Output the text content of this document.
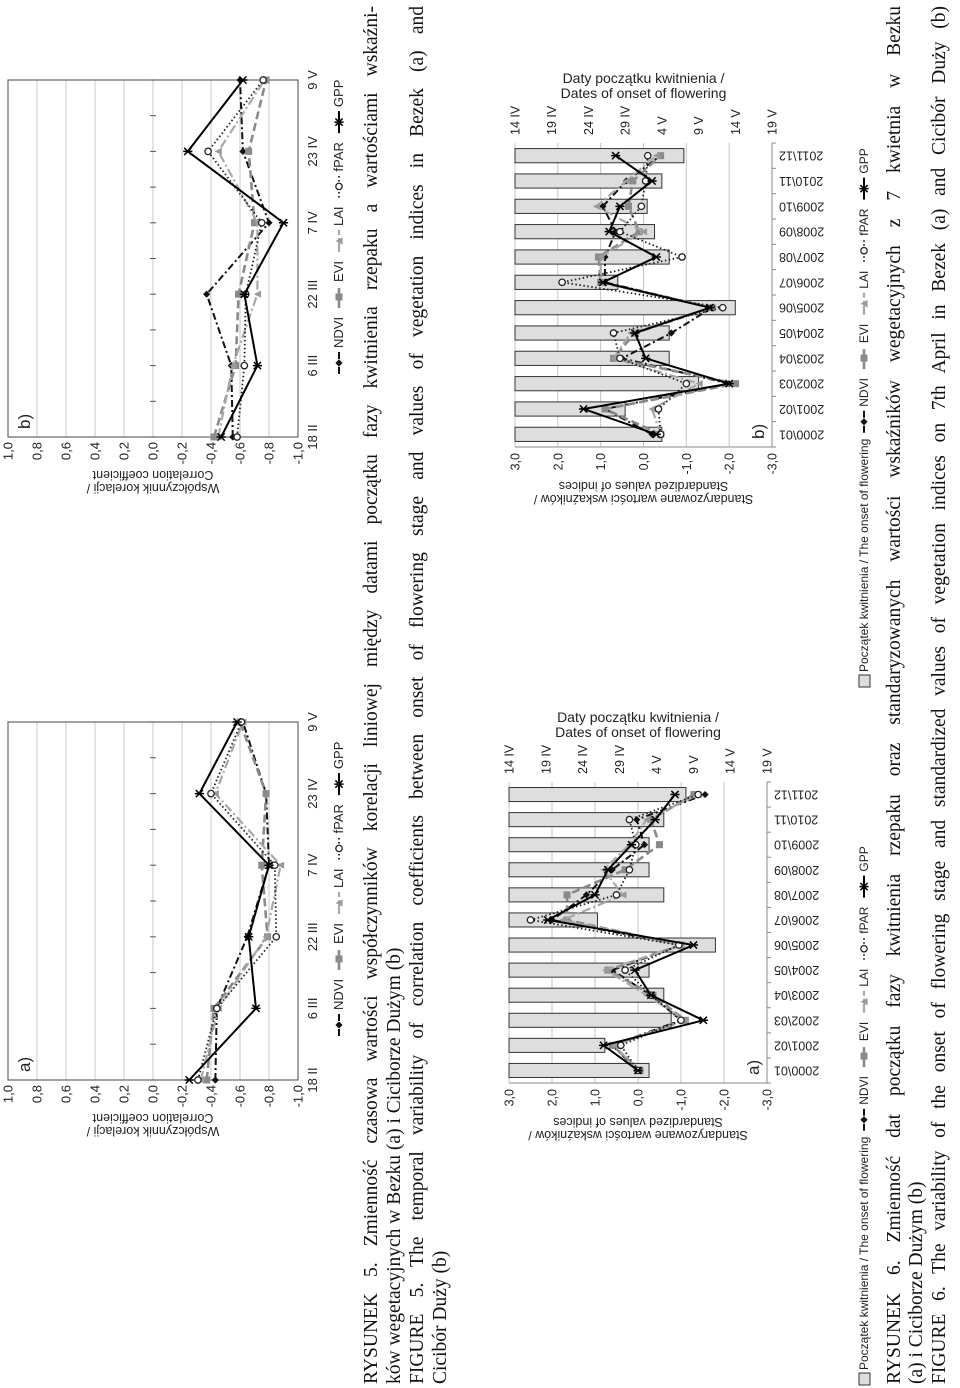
1,0 0,8 0,6 0,4 0,2 0,0 -0,2 -0,4 -0,6 -0,8 -1,0
18 II
6 III
22 III
7 IV
23 IV
9 V
Współczynnik korelacji /
Correlation coefficient
a)
NDVI
EVI
LAI
fPAR
GPP
1,0 0,8 0,6 0,4 0,2 0,0 -0,2 -0,4 -0,6 -0,8 -1,0
18 II
6 III
22 III
7 IV
23 IV
9 V
Współczynnik korelacji /
Correlation coefficient
b)
NDVI
EVI
LAI
fPAR
GPP RYSUNEK 5. Zmienność czasowa wartości współczynników korelacji liniowej między datami początku fazy kwitnienia rzepaku a wartościami wskaźni- ków wegetacyjnych w Bezku (a) i Ciciborze Dużym (b) FIGURE 5. The temporal variability of correlation coefficients between onset of flowering stage and values of vegetation indices in Bezek (a) and Cicibór Duży (b)
3,0 2,0 1,0 0,0 -1,0 -2,0 -3,0
14 IV 19 IV 24 IV 29 IV 4 V 9 V 14 V 19 V
2000\01
2001\02
2002\03
2003\04
2004\05
2005\06
2006\07
2007\08
2008\09
2009\10
2010\11
2011\12
Standaryzowane wartości wskaźników /
Standardized values of indices
Daty początku kwitnienia /
Dates of onset of flowering
a)
Początek kwitnienia / The onset of flowering
NDVI
EVI
LAI
fPAR
GPP
3,0 2,0 1,0 0,0 -1,0 -2,0 -3,0
14 IV 19 IV 24 IV 29 IV 4 V 9 V 14 V 19 V
2000\01
2001\02
2002\03
2003\04
2004\05
2005\06
2006\07
2007\08
2008\09
2009\10
2010\11
2011\12
Standaryzowane wartości wskaźników /
Standardized values of indices
Daty początku kwitnienia /
Dates of onset of flowering
b)
Początek kwitnienia / The onset of flowering
NDVI
EVI
LAI
fPAR
GPP RYSUNEK 6. Zmienność dat początku fazy kwitnienia rzepaku oraz standaryzowanych wartości wskaźników wegetacyjnych z 7 kwietnia w Bezku (a) i Ciciborze Dużym (b) FIGURE 6. The variability of the onset of flowering stage and standardized values of vegetation indices on 7th April in Bezek (a) and Cicibór Duży (b)
